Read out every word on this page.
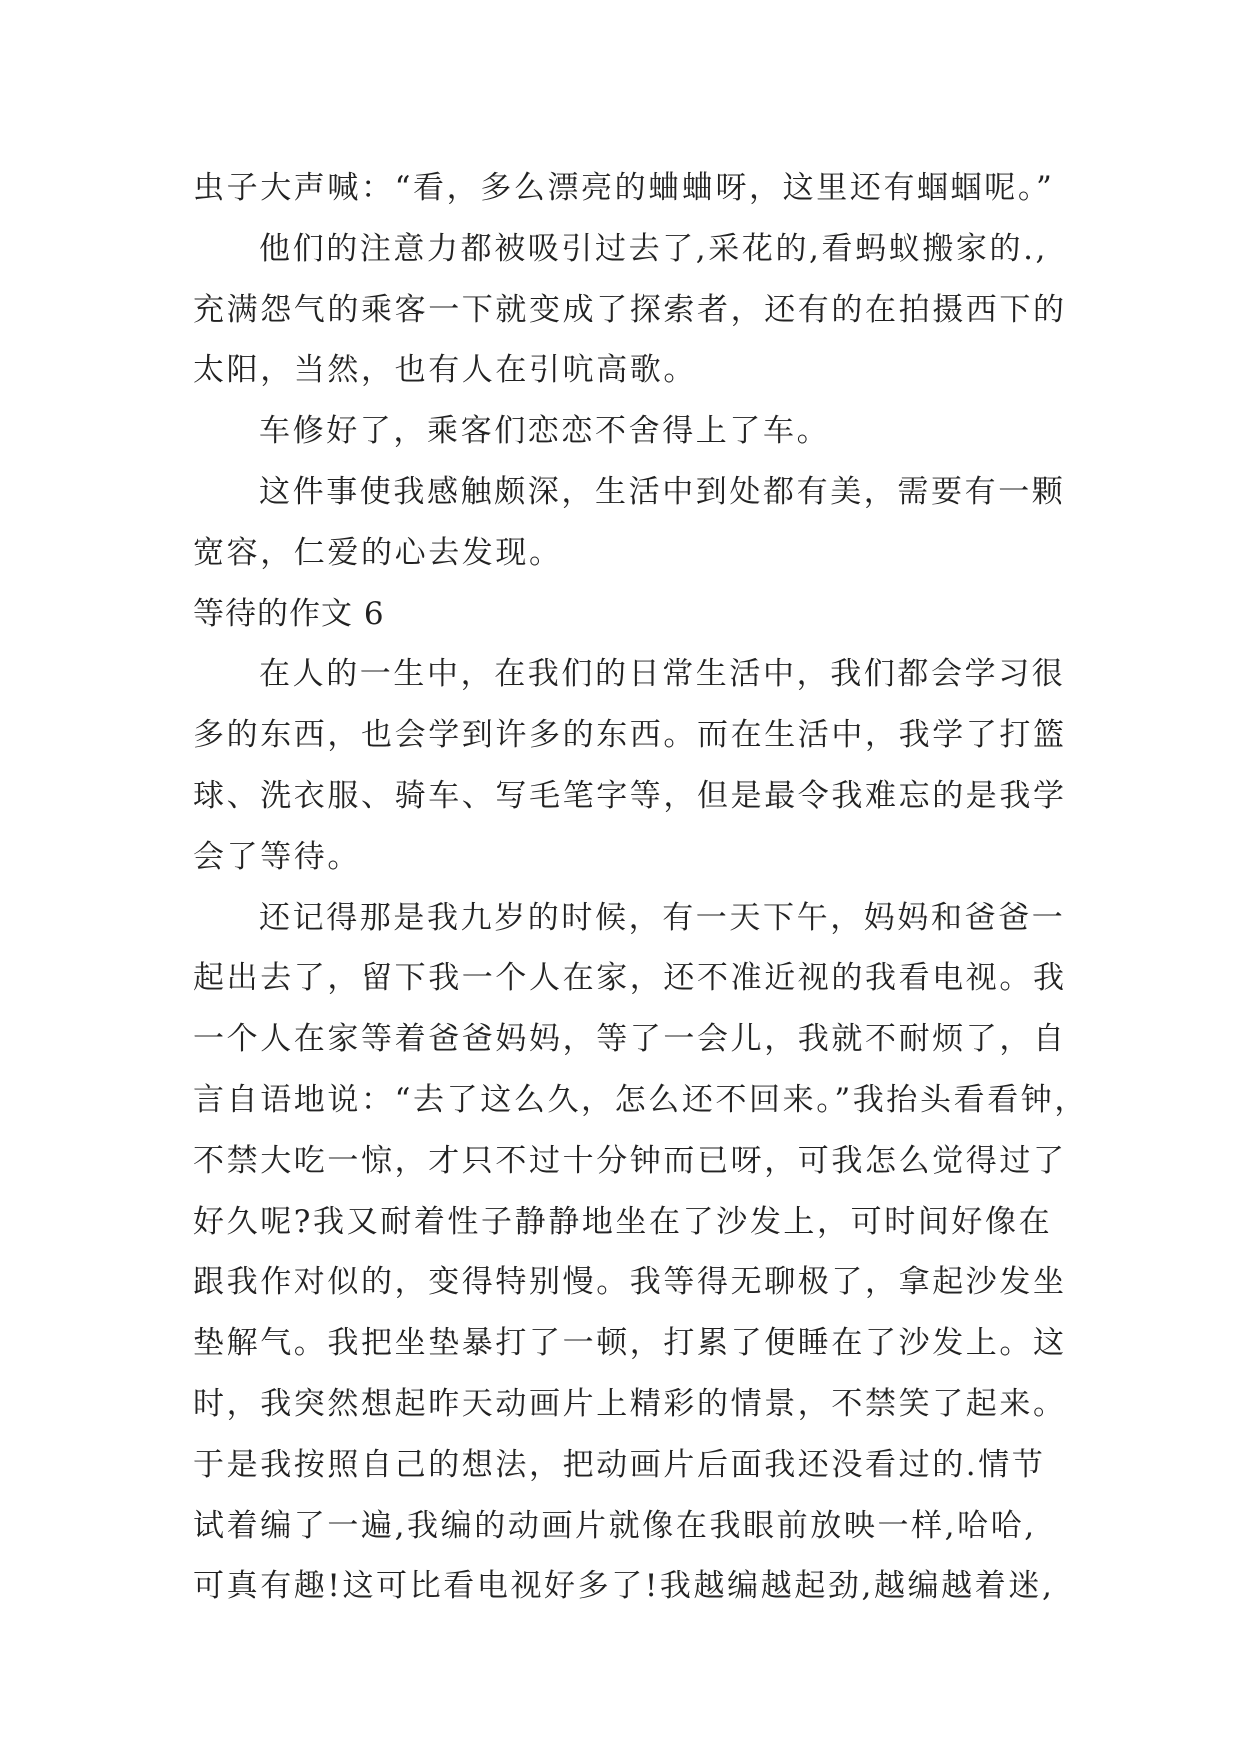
虫子大声喊：“看，多么漂亮的蛐蛐呀，这里还有蝈蝈呢。”
他们的注意力都被吸引过去了,采花的,看蚂蚁搬家的.,
充满怨气的乘客一下就变成了探索者，还有的在拍摄西下的
太阳，当然，也有人在引吭高歌。
车修好了，乘客们恋恋不舍得上了车。
这件事使我感触颇深，生活中到处都有美，需要有一颗
宽容，仁爱的心去发现。
等待的作文 6
在人的一生中，在我们的日常生活中，我们都会学习很
多的东西，也会学到许多的东西。而在生活中，我学了打篮
球、洗衣服、骑车、写毛笔字等，但是最令我难忘的是我学
会了等待。
还记得那是我九岁的时候，有一天下午，妈妈和爸爸一
起出去了，留下我一个人在家，还不准近视的我看电视。我
一个人在家等着爸爸妈妈，等了一会儿，我就不耐烦了，自
言自语地说：“去了这么久，怎么还不回来。”我抬头看看钟，
不禁大吃一惊，才只不过十分钟而已呀，可我怎么觉得过了
好久呢?我又耐着性子静静地坐在了沙发上，可时间好像在
跟我作对似的，变得特别慢。我等得无聊极了，拿起沙发坐
垫解气。我把坐垫暴打了一顿，打累了便睡在了沙发上。这
时，我突然想起昨天动画片上精彩的情景，不禁笑了起来。
于是我按照自己的想法，把动画片后面我还没看过的.情节
试着编了一遍,我编的动画片就像在我眼前放映一样,哈哈,
可真有趣!这可比看电视好多了!我越编越起劲,越编越着迷,
